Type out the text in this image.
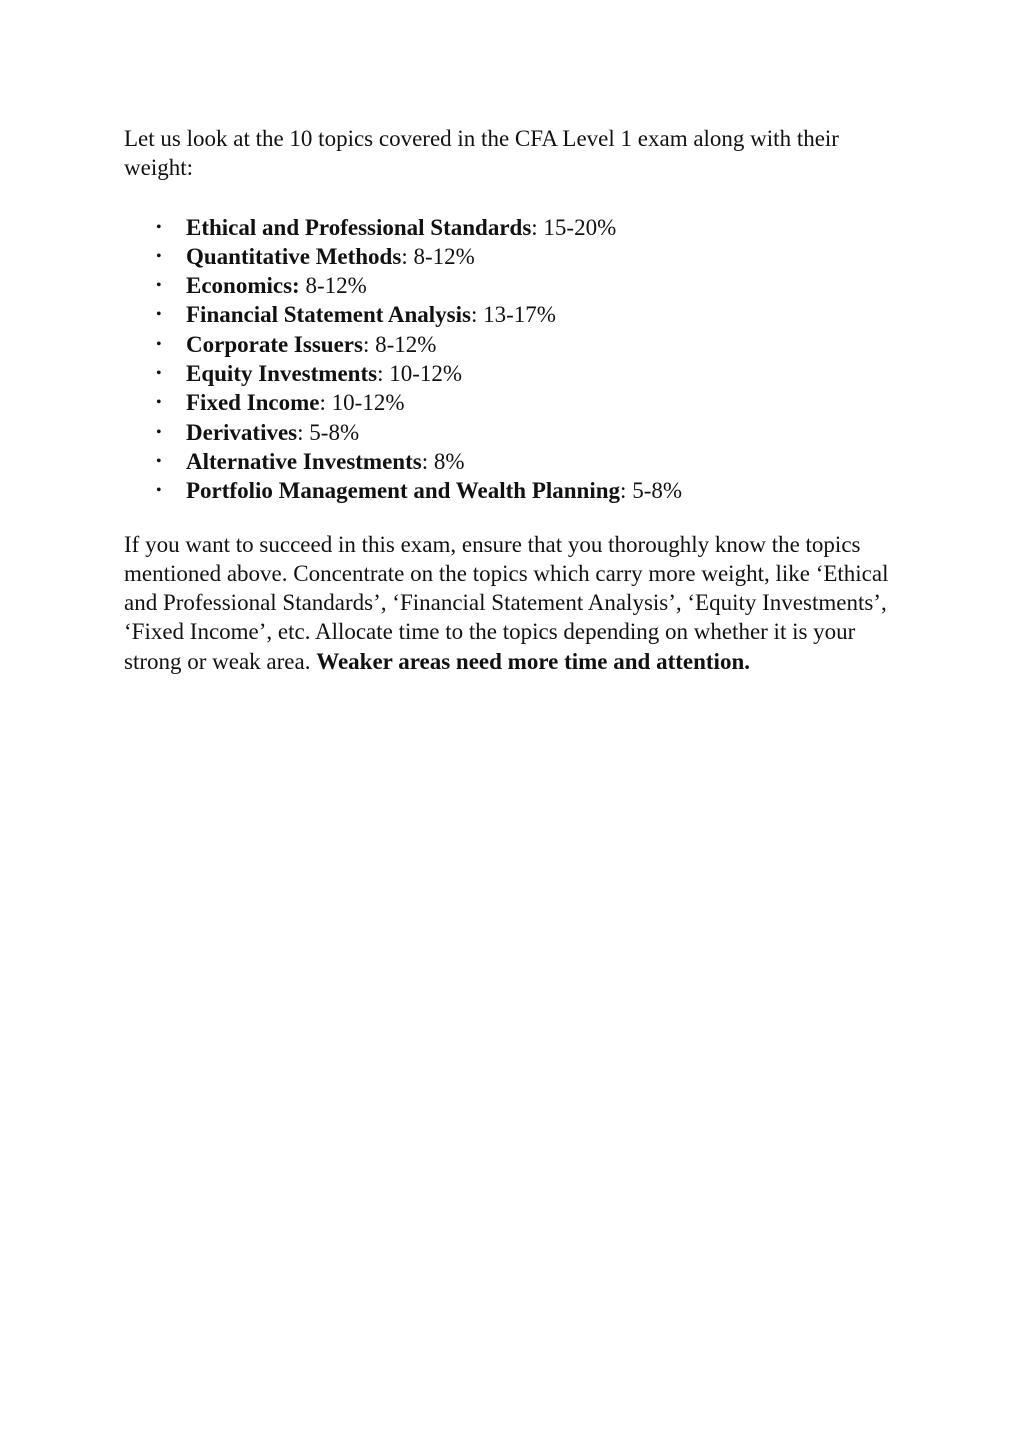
Let us look at the 10 topics covered in the CFA Level 1 exam along with their weight:

• Ethical and Professional Standards: 15-20%
• Quantitative Methods: 8-12%
• Economics: 8-12%
• Financial Statement Analysis: 13-17%
• Corporate Issuers: 8-12%
• Equity Investments: 10-12%
• Fixed Income: 10-12%
• Derivatives: 5-8%
• Alternative Investments: 8%
• Portfolio Management and Wealth Planning: 5-8%

If you want to succeed in this exam, ensure that you thoroughly know the topics mentioned above. Concentrate on the topics which carry more weight, like ‘Ethical and Professional Standards’, ‘Financial Statement Analysis’, ‘Equity Investments’, ‘Fixed Income’, etc. Allocate time to the topics depending on whether it is your strong or weak area. Weaker areas need more time and attention.
